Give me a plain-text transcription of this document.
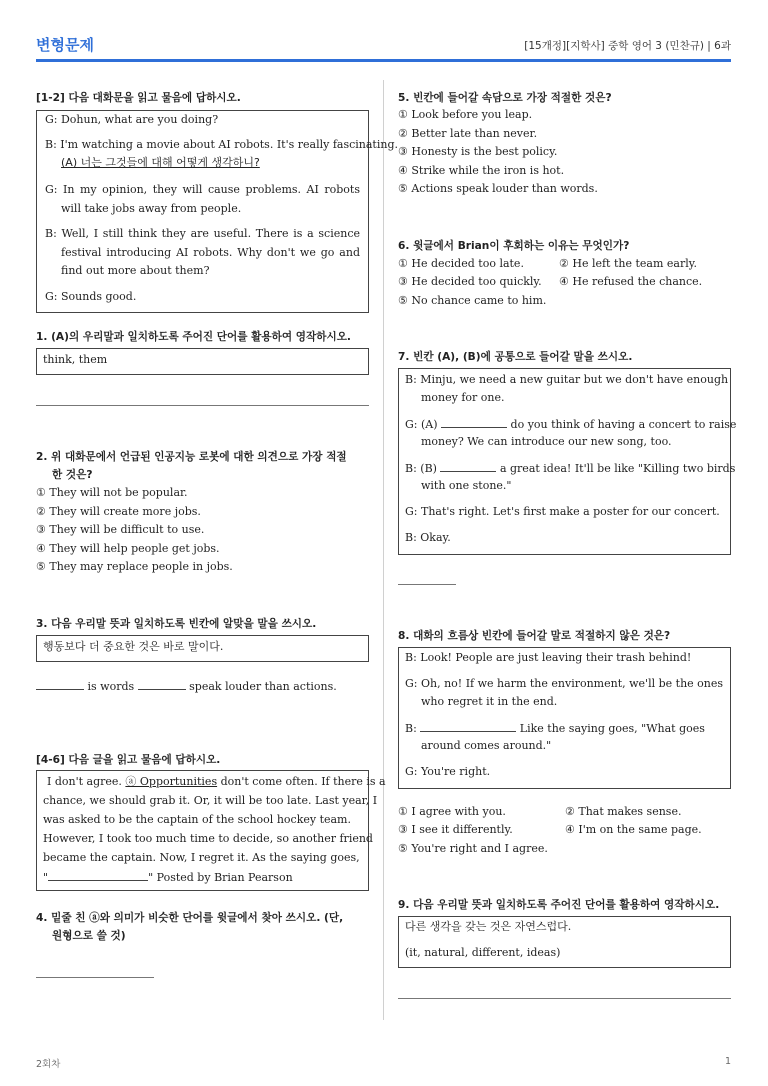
변형문제	[15개정][지학사] 중학 영어 3 (민찬규) | 6과
[1-2] 다음 대화문을 읽고 물음에 답하시오.
G: Dohun, what are you doing?
B: I'm watching a movie about AI robots. It's really fascinating.
(A) 너는 그것들에 대해 어떻게 생각하니?
G: In my opinion, they will cause problems. AI robots will take jobs away from people.
B: Well, I still think they are useful. There is a science festival introducing AI robots. Why don't we go and find out more about them?
G: Sounds good.
1. (A)의 우리말과 일치하도록 주어진 단어를 활용하여 영작하시오.
think, them
2. 위 대화문에서 언급된 인공지능 로봇에 대한 의견으로 가장 적절
한 것은?
① They will not be popular.
② They will create more jobs.
③ They will be difficult to use.
④ They will help people get jobs.
⑤ They may replace people in jobs.
3. 다음 우리말 뜻과 일치하도록 빈칸에 알맞을 말을 쓰시오.
행동보다 더 중요한 것은 바로 말이다.
is words	speak louder than actions.
[4-6] 다음 글을 읽고 물음에 답하시오.
I don't agree. ⓐ Opportunities don't come often. If there is a
chance, we should grab it. Or, it will be too late. Last year, I
was asked to be the captain of the school hockey team.
However, I took too much time to decide, so another friend
became the captain. Now, I regret it. As the saying goes,
"	" Posted by Brian Pearson
4. 밑줄 친 ⓐ와 의미가 비슷한 단어를 윗글에서 찾아 쓰시오. (단,
원형으로 쓸 것)
5. 빈칸에 들어갈 속담으로 가장 적절한 것은?
① Look before you leap.
② Better late than never.
③ Honesty is the best policy.
④ Strike while the iron is hot.
⑤ Actions speak louder than words.
6. 윗글에서 Brian이 후회하는 이유는 무엇인가?
① He decided too late.	② He left the team early.
③ He decided too quickly. ④ He refused the chance.
⑤ No chance came to him.
7. 빈칸 (A), (B)에 공통으로 들어갈 말을 쓰시오.
B: Minju, we need a new guitar but we don't have enough
money for one.
G: (A)	do you think of having a concert to raise
money? We can introduce our new song, too.
B: (B)	a great idea! It'll be like "Killing two birds
with one stone."
G: That's right. Let's first make a poster for our concert.
B: Okay.
8. 대화의 흐름상 빈칸에 들어갈 말로 적절하지 않은 것은?
B: Look! People are just leaving their trash behind!
G: Oh, no! If we harm the environment, we'll be the ones
who regret it in the end.
B:	Like the saying goes, "What goes
around comes around."
G: You're right.
① I agree with you.	② That makes sense.
③ I see it differently.	④ I'm on the same page.
⑤ You're right and I agree.
9. 다음 우리말 뜻과 일치하도록 주어진 단어를 활용하여 영작하시오.
다른 생각을 갖는 것은 자연스럽다.
(it, natural, different, ideas)
2회차	1
